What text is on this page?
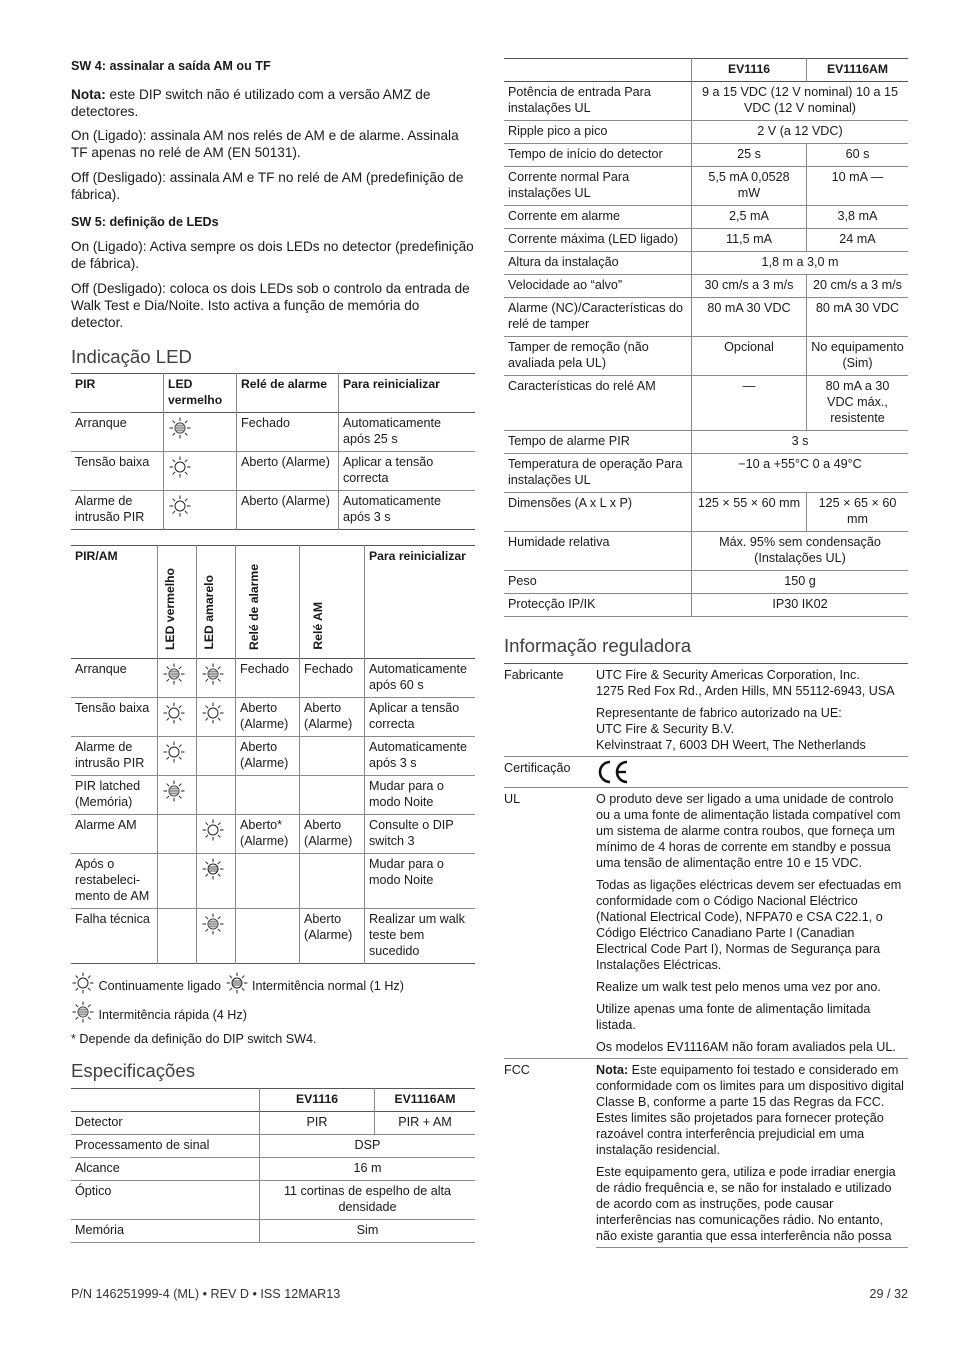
SW 4: assinalar a saída AM ou TF

Nota: este DIP switch não é utilizado com a versão AMZ de detectores.

On (Ligado): assinala AM nos relés de AM e de alarme. Assinala TF apenas no relé de AM (EN 50131).

Off (Desligado): assinala AM e TF no relé de AM (predefinição de fábrica).

SW 5: definição de LEDs

On (Ligado): Activa sempre os dois LEDs no detector (predefinição de fábrica).

Off (Desligado): coloca os dois LEDs sob o controlo da entrada de Walk Test e Dia/Noite. Isto activa a função de memória do detector.

Indicação LED
PIR	LED vermelho	Relé de alarme	Para reinicializar
Arranque		Fechado	Automaticamente após 25 s
Tensão baixa		Aberto (Alarme)	Aplicar a tensão correcta
Alarme de intrusão PIR		Aberto (Alarme)	Automaticamente após 3 s
PIR/AM	LED vermelho	LED amarelo	Relé de alarme	Relé AM	Para reinicializar
Arranque			Fechado	Fechado	Automaticamente após 60 s
Tensão baixa			Aberto (Alarme)	Aberto (Alarme)	Aplicar a tensão correcta
Alarme de intrusão PIR			Aberto (Alarme)		Automaticamente após 3 s
PIR latched (Memória)					Mudar para o modo Noite
Alarme AM			Aberto* (Alarme)	Aberto (Alarme)	Consulte o DIP switch 3
Após o restabeleci-mento de AM					Mudar para o modo Noite
Falha técnica				Aberto (Alarme)	Realizar um walk teste bem sucedido
Continuamente ligado Intermitência normal (1 Hz)
Intermitência rápida (4 Hz)

* Depende da definição do DIP switch SW4.

Especificações
	EV1116	EV1116AM
Detector	PIR	PIR + AM
Processamento de sinal	DSP	
Alcance	16 m	
Óptico	11 cortinas de espelho de alta densidade	
Memória	Sim	
	EV1116	EV1116AM
Potência de entrada Para instalações UL	9 a 15 VDC (12 V nominal) 10 a 15 VDC (12 V nominal)	
Ripple pico a pico	2 V (a 12 VDC)	
Tempo de início do detector	25 s	60 s
Corrente normal Para instalações UL	5,5 mA 0,0528 mW	10 mA —
Corrente em alarme	2,5 mA	3,8 mA
Corrente máxima (LED ligado)	11,5 mA	24 mA
Altura da instalação	1,8 m a 3,0 m	
Velocidade ao “alvo”	30 cm/s a 3 m/s	20 cm/s a 3 m/s
Alarme (NC)/Características do relé de tamper	80 mA 30 VDC	80 mA 30 VDC
Tamper de remoção (não avaliada pela UL)	Opcional	No equipamento (Sim)
Características do relé AM	—	80 mA a 30 VDC máx., resistente
Tempo de alarme PIR	3 s	
Temperatura de operação Para instalações UL	−10 a +55°C 0 a 49°C	
Dimensões (A x L x P)	125 × 55 × 60 mm	125 × 65 × 60 mm
Humidade relativa	Máx. 95% sem condensação (Instalações UL)	
Peso	150 g	
Protecção IP/IK	IP30 IK02	
Informação reguladora
Fabricante	UTC Fire & Security Americas Corporation, Inc.
1275 Red Fox Rd., Arden Hills, MN 55112-6943, USA

Representante de fabrico autorizado na UE:
UTC Fire & Security B.V.
Kelvinstraat 7, 6003 DH Weert, The Netherlands

Certificação	

UL	O produto deve ser ligado a uma unidade de controlo ou a uma fonte de alimentação listada compatível com um sistema de alarme contra roubos, que forneça um mínimo de 4 horas de corrente em standby e possua uma tensão de alimentação entre 10 e 15 VDC.

Todas as ligações eléctricas devem ser efectuadas em conformidade com o Código Nacional Eléctrico (National Electrical Code), NFPA70 e CSA C22.1, o Código Eléctrico Canadiano Parte I (Canadian Electrical Code Part I), Normas de Segurança para Instalações Eléctricas.

Realize um walk test pelo menos uma vez por ano.

Utilize apenas uma fonte de alimentação limitada listada.

Os modelos EV1116AM não foram avaliados pela UL.

FCC	Nota: Este equipamento foi testado e considerado em conformidade com os limites para um dispositivo digital Classe B, conforme a parte 15 das Regras da FCC. Estes limites são projetados para fornecer proteção razoável contra interferência prejudicial em uma instalação residencial.

Este equipamento gera, utiliza e pode irradiar energia de rádio frequência e, se não for instalado e utilizado de acordo com as instruções, pode causar interferências nas comunicações rádio. No entanto, não existe garantia que essa interferência não possa

P/N 146251999-4 (ML) • REV D • ISS 12MAR13	29 / 32
